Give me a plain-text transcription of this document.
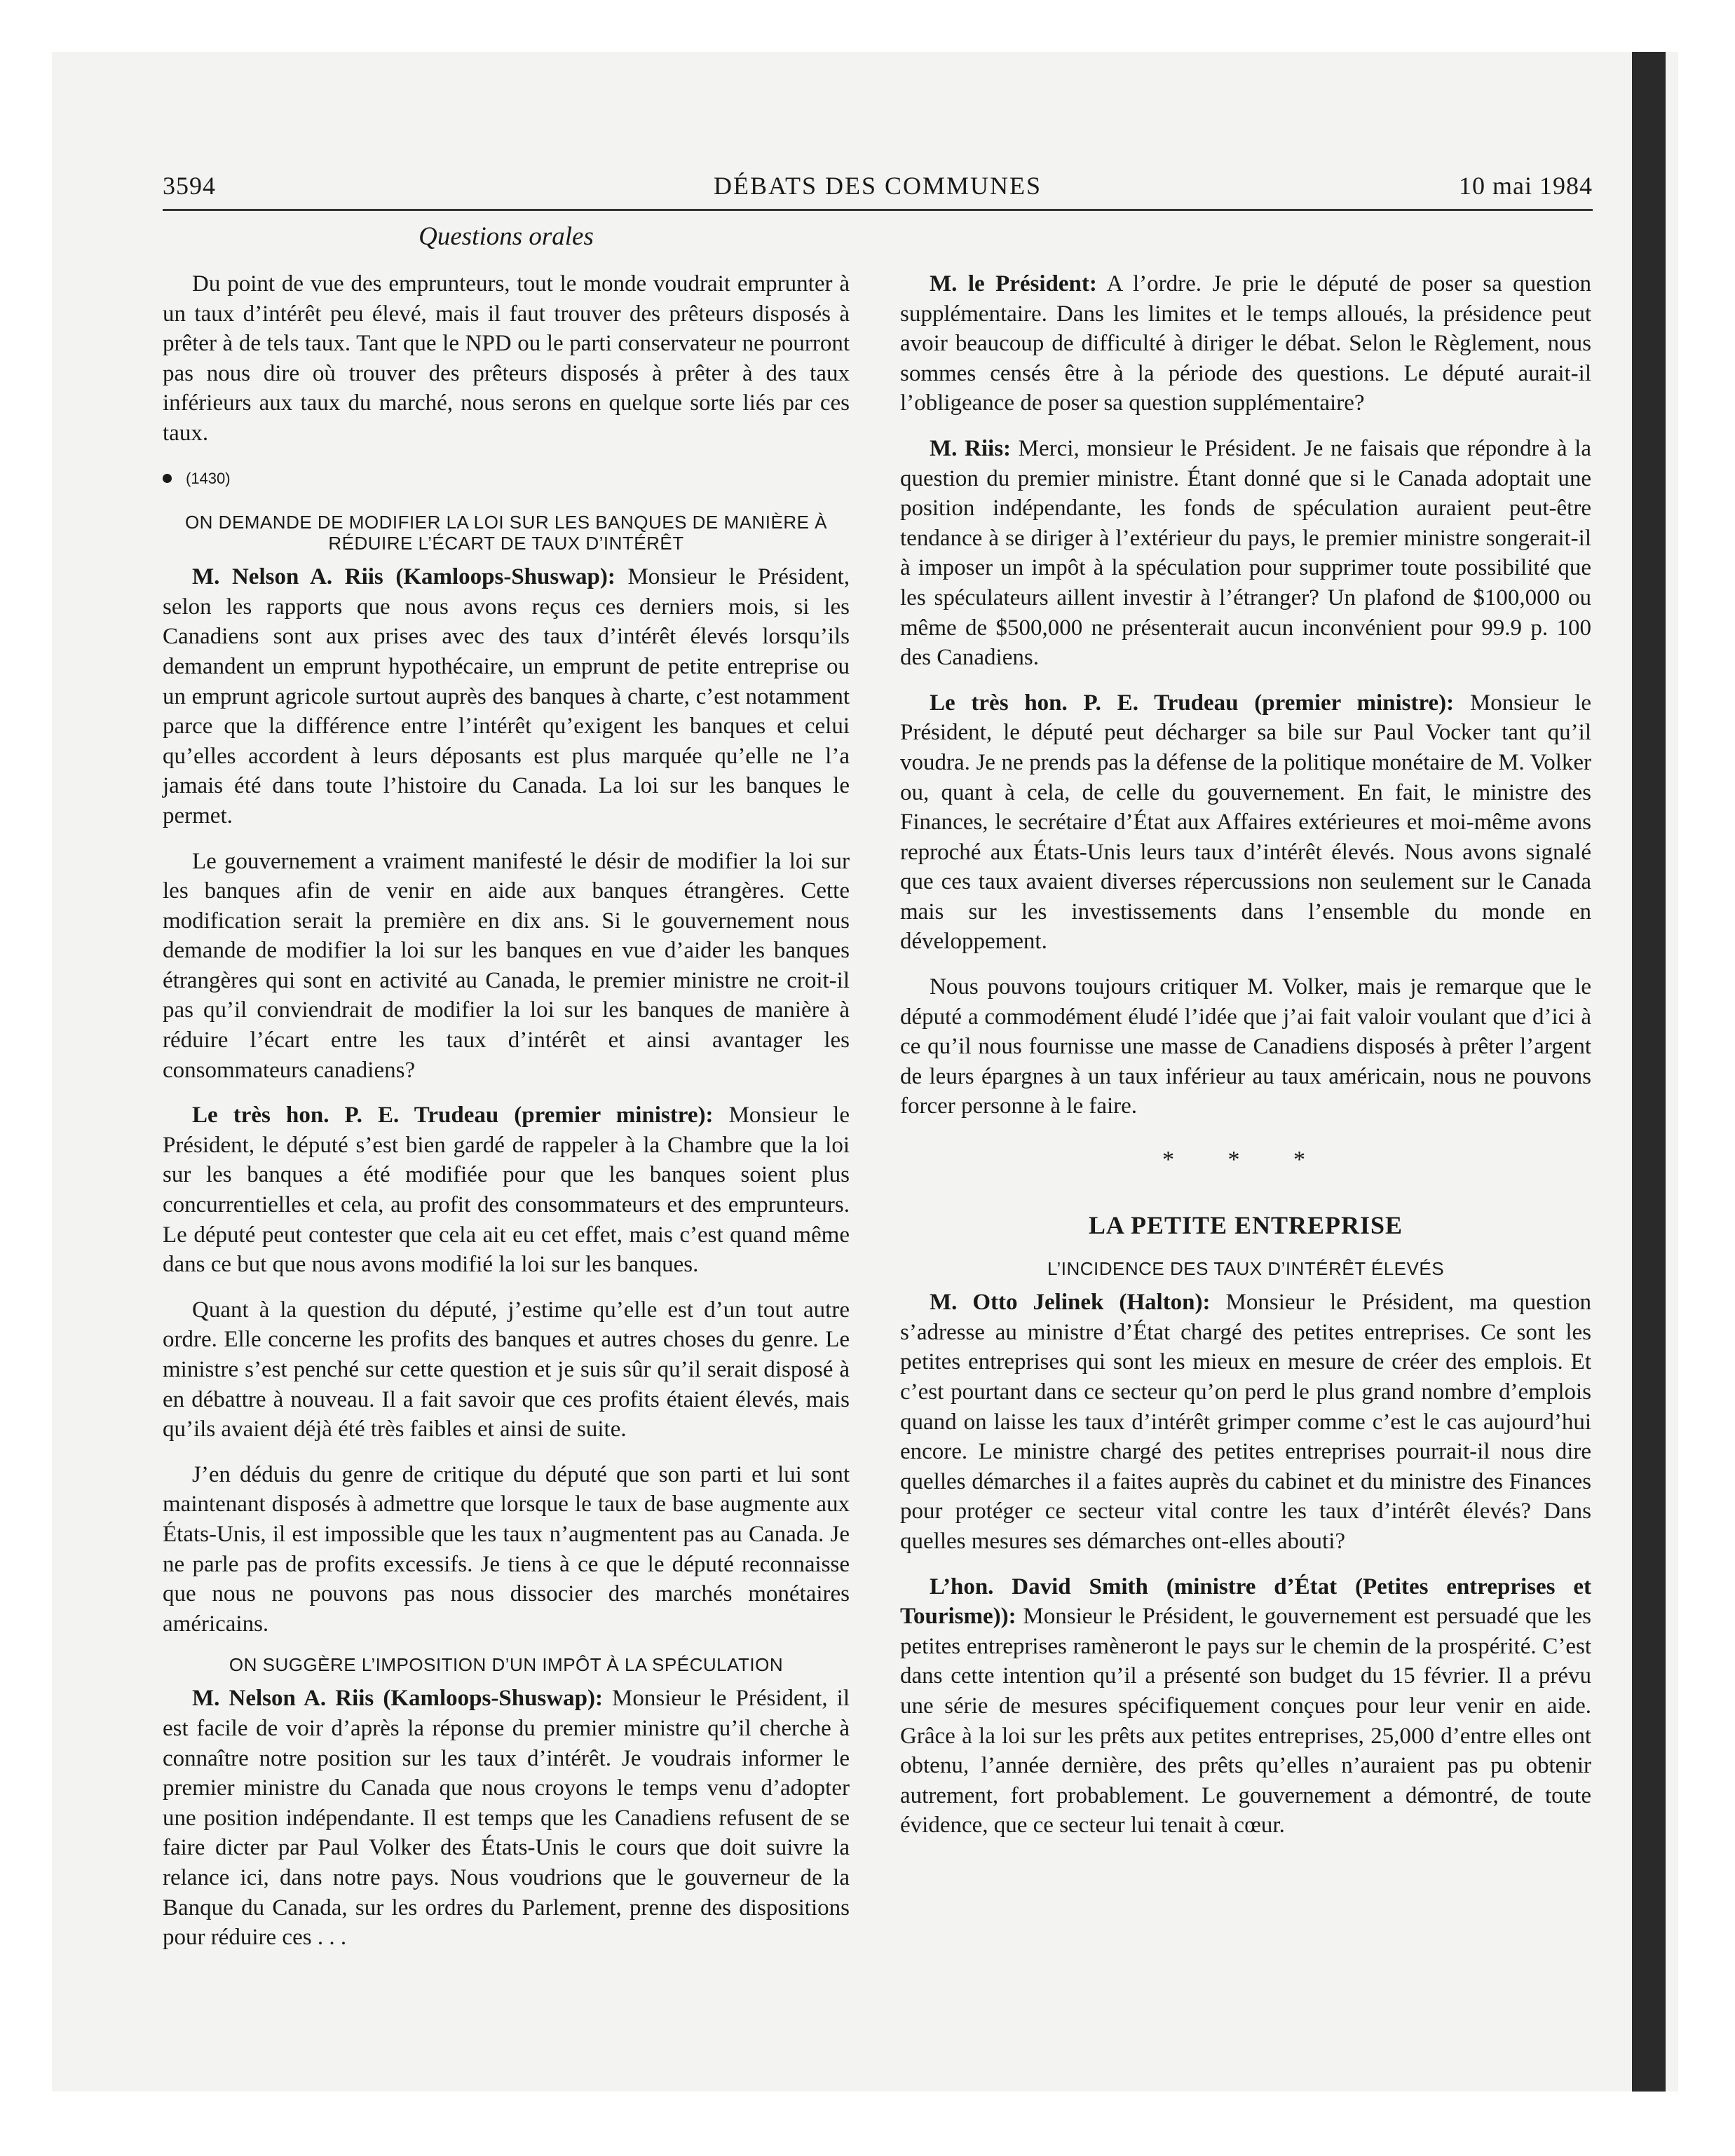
3594	DÉBATS DES COMMUNES	10 mai 1984
Questions orales

Du point de vue des emprunteurs, tout le monde voudrait emprunter à un taux d’intérêt peu élevé, mais il faut trouver des prêteurs disposés à prêter à de tels taux. Tant que le NPD ou le parti conservateur ne pourront pas nous dire où trouver des prêteurs disposés à prêter à des taux inférieurs aux taux du marché, nous serons en quelque sorte liés par ces taux.

(1430)
ON DEMANDE DE MODIFIER LA LOI SUR LES BANQUES DE MANIÈRE À RÉDUIRE L’ÉCART DE TAUX D’INTÉRÊT

M. Nelson A. Riis (Kamloops-Shuswap): Monsieur le Président, selon les rapports que nous avons reçus ces derniers mois, si les Canadiens sont aux prises avec des taux d’intérêt élevés lorsqu’ils demandent un emprunt hypothécaire, un emprunt de petite entreprise ou un emprunt agricole surtout auprès des banques à charte, c’est notamment parce que la différence entre l’intérêt qu’exigent les banques et celui qu’elles accordent à leurs déposants est plus marquée qu’elle ne l’a jamais été dans toute l’histoire du Canada. La loi sur les banques le permet.

Le gouvernement a vraiment manifesté le désir de modifier la loi sur les banques afin de venir en aide aux banques étrangères. Cette modification serait la première en dix ans. Si le gouvernement nous demande de modifier la loi sur les banques en vue d’aider les banques étrangères qui sont en activité au Canada, le premier ministre ne croit-il pas qu’il conviendrait de modifier la loi sur les banques de manière à réduire l’écart entre les taux d’intérêt et ainsi avantager les consommateurs canadiens?

Le très hon. P. E. Trudeau (premier ministre): Monsieur le Président, le député s’est bien gardé de rappeler à la Chambre que la loi sur les banques a été modifiée pour que les banques soient plus concurrentielles et cela, au profit des consommateurs et des emprunteurs. Le député peut contester que cela ait eu cet effet, mais c’est quand même dans ce but que nous avons modifié la loi sur les banques.

Quant à la question du député, j’estime qu’elle est d’un tout autre ordre. Elle concerne les profits des banques et autres choses du genre. Le ministre s’est penché sur cette question et je suis sûr qu’il serait disposé à en débattre à nouveau. Il a fait savoir que ces profits étaient élevés, mais qu’ils avaient déjà été très faibles et ainsi de suite.

J’en déduis du genre de critique du député que son parti et lui sont maintenant disposés à admettre que lorsque le taux de base augmente aux États-Unis, il est impossible que les taux n’augmentent pas au Canada. Je ne parle pas de profits excessifs. Je tiens à ce que le député reconnaisse que nous ne pouvons pas nous dissocier des marchés monétaires américains.

ON SUGGÈRE L’IMPOSITION D’UN IMPÔT À LA SPÉCULATION

M. Nelson A. Riis (Kamloops-Shuswap): Monsieur le Président, il est facile de voir d’après la réponse du premier ministre qu’il cherche à connaître notre position sur les taux d’intérêt. Je voudrais informer le premier ministre du Canada que nous croyons le temps venu d’adopter une position indépendante. Il est temps que les Canadiens refusent de se faire dicter par Paul Volker des États-Unis le cours que doit suivre la relance ici, dans notre pays. Nous voudrions que le gouverneur de la Banque du Canada, sur les ordres du Parlement, prenne des dispositions pour réduire ces . . .

M. le Président: A l’ordre. Je prie le député de poser sa question supplémentaire. Dans les limites et le temps alloués, la présidence peut avoir beaucoup de difficulté à diriger le débat. Selon le Règlement, nous sommes censés être à la période des questions. Le député aurait-il l’obligeance de poser sa question supplémentaire?

M. Riis: Merci, monsieur le Président. Je ne faisais que répondre à la question du premier ministre. Étant donné que si le Canada adoptait une position indépendante, les fonds de spéculation auraient peut-être tendance à se diriger à l’extérieur du pays, le premier ministre songerait-il à imposer un impôt à la spéculation pour supprimer toute possibilité que les spéculateurs aillent investir à l’étranger? Un plafond de $100,000 ou même de $500,000 ne présenterait aucun inconvénient pour 99.9 p. 100 des Canadiens.

Le très hon. P. E. Trudeau (premier ministre): Monsieur le Président, le député peut décharger sa bile sur Paul Vocker tant qu’il voudra. Je ne prends pas la défense de la politique monétaire de M. Volker ou, quant à cela, de celle du gouvernement. En fait, le ministre des Finances, le secrétaire d’État aux Affaires extérieures et moi-même avons reproché aux États-Unis leurs taux d’intérêt élevés. Nous avons signalé que ces taux avaient diverses répercussions non seulement sur le Canada mais sur les investissements dans l’ensemble du monde en développement.

Nous pouvons toujours critiquer M. Volker, mais je remarque que le député a commodément éludé l’idée que j’ai fait valoir voulant que d’ici à ce qu’il nous fournisse une masse de Canadiens disposés à prêter l’argent de leurs épargnes à un taux inférieur au taux américain, nous ne pouvons forcer personne à le faire.

* * *
LA PETITE ENTREPRISE
L’INCIDENCE DES TAUX D’INTÉRÊT ÉLEVÉS

M. Otto Jelinek (Halton): Monsieur le Président, ma question s’adresse au ministre d’État chargé des petites entreprises. Ce sont les petites entreprises qui sont les mieux en mesure de créer des emplois. Et c’est pourtant dans ce secteur qu’on perd le plus grand nombre d’emplois quand on laisse les taux d’intérêt grimper comme c’est le cas aujourd’hui encore. Le ministre chargé des petites entreprises pourrait-il nous dire quelles démarches il a faites auprès du cabinet et du ministre des Finances pour protéger ce secteur vital contre les taux d’intérêt élevés? Dans quelles mesures ses démarches ont-elles abouti?

L’hon. David Smith (ministre d’État (Petites entreprises et Tourisme)): Monsieur le Président, le gouvernement est persuadé que les petites entreprises ramèneront le pays sur le chemin de la prospérité. C’est dans cette intention qu’il a présenté son budget du 15 février. Il a prévu une série de mesures spécifiquement conçues pour leur venir en aide. Grâce à la loi sur les prêts aux petites entreprises, 25,000 d’entre elles ont obtenu, l’année dernière, des prêts qu’elles n’auraient pas pu obtenir autrement, fort probablement. Le gouvernement a démontré, de toute évidence, que ce secteur lui tenait à cœur.
